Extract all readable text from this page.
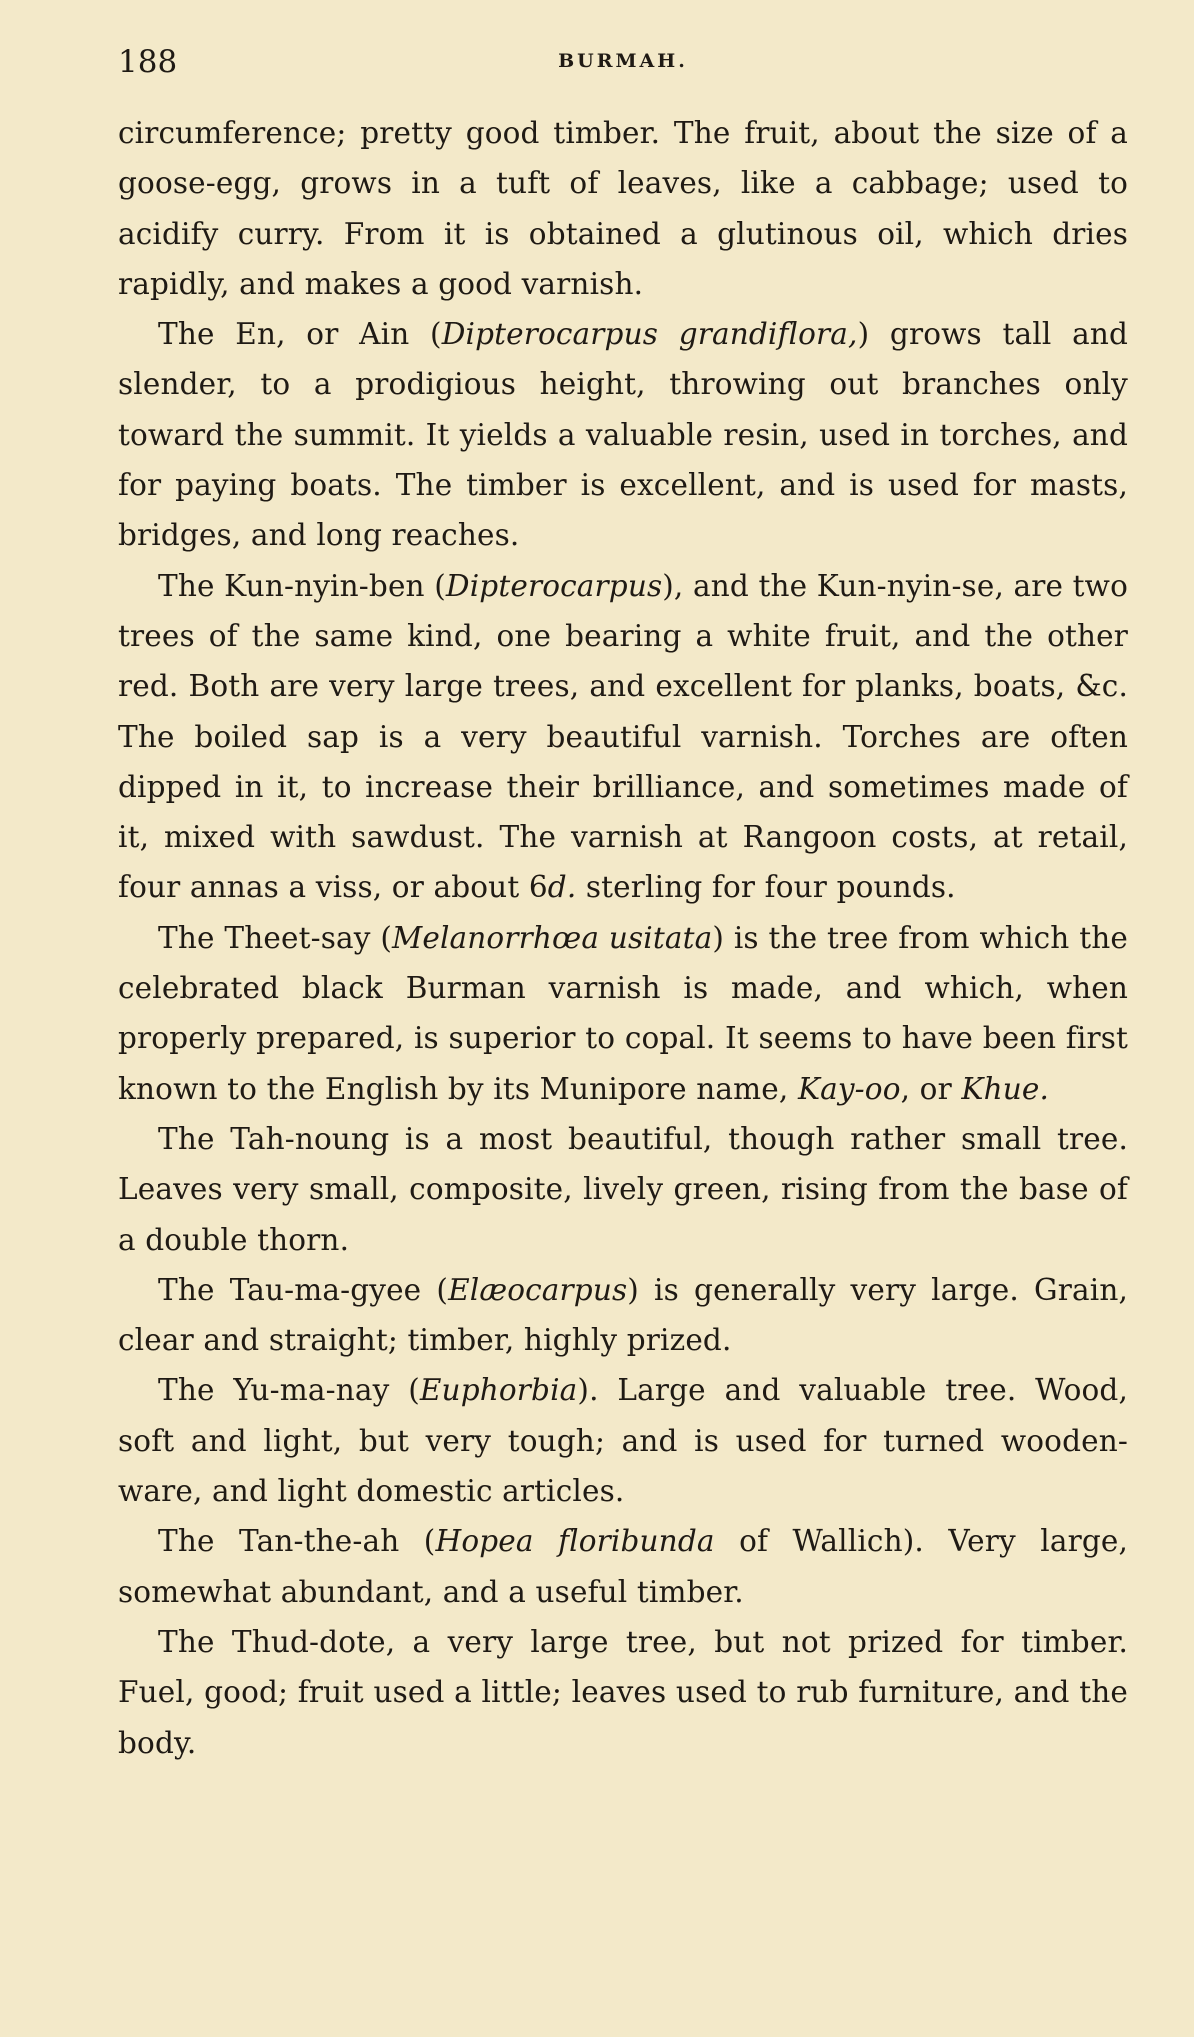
188	BURMAH.

circumference; pretty good timber. The fruit, about the size of a goose-egg, grows in a tuft of leaves, like a cabbage; used to acidify curry. From it is obtained a glutinous oil, which dries rapidly, and makes a good varnish.

The En, or Ain (Dipterocarpus grandiflora,) grows tall and slender, to a prodigious height, throwing out branches only toward the summit. It yields a valuable resin, used in torches, and for paying boats. The timber is excellent, and is used for masts, bridges, and long reaches.

The Kun-nyin-ben (Dipterocarpus), and the Kun-nyin-se, are two trees of the same kind, one bearing a white fruit, and the other red. Both are very large trees, and excellent for planks, boats, &c. The boiled sap is a very beautiful varnish. Torches are often dipped in it, to increase their brilliance, and sometimes made of it, mixed with sawdust. The varnish at Rangoon costs, at retail, four annas a viss, or about 6d. sterling for four pounds.

The Theet-say (Melanorrhœa usitata) is the tree from which the celebrated black Burman varnish is made, and which, when properly prepared, is superior to copal. It seems to have been first known to the English by its Munipore name, Kay-oo, or Khue.

The Tah-noung is a most beautiful, though rather small tree. Leaves very small, composite, lively green, rising from the base of a double thorn.

The Tau-ma-gyee (Elæocarpus) is generally very large. Grain, clear and straight; timber, highly prized.

The Yu-ma-nay (Euphorbia). Large and valuable tree. Wood, soft and light, but very tough; and is used for turned wooden-ware, and light domestic articles.

The Tan-the-ah (Hopea floribunda of Wallich). Very large, somewhat abundant, and a useful timber.

The Thud-dote, a very large tree, but not prized for timber. Fuel, good; fruit used a little; leaves used to rub furniture, and the body.
